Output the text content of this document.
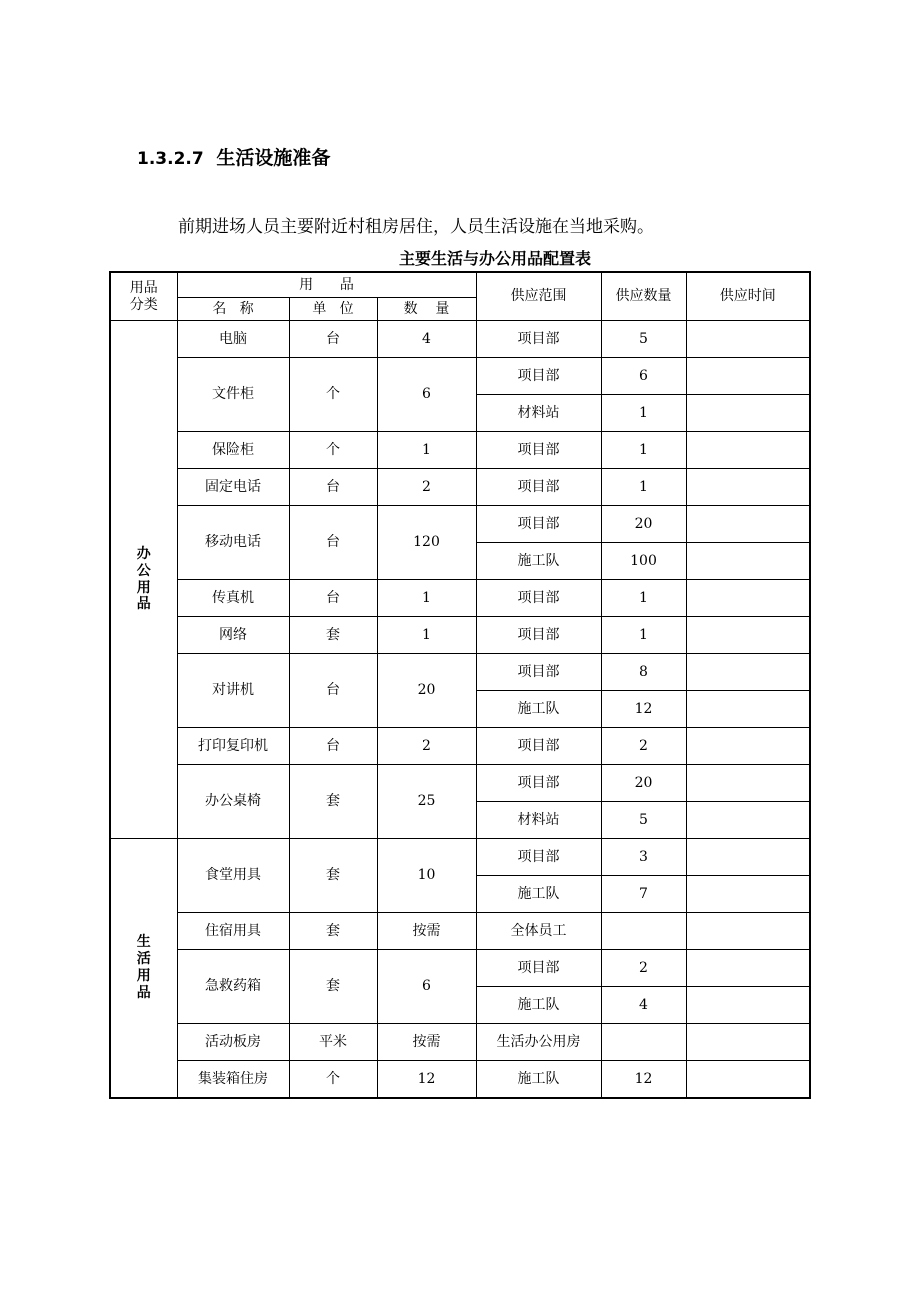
1.3.2.7 生活设施准备
前期进场人员主要附近村租房居住，人员生活设施在当地采购。
主要生活与办公用品配置表
用品
分类	用      品			供应范围	供应数量	供应时间
	名   称	单   位	数    量			

办
公
用
品	电脑	台	4	项目部	5	
	文件柜	个	6	项目部	6	
				材料站	1	
	保险柜	个	1	项目部	1	
	固定电话	台	2	项目部	1	
	移动电话	台	120	项目部	20	
				施工队	100	
	传真机	台	1	项目部	1	
	网络	套	1	项目部	1	
	对讲机	台	20	项目部	8	
				施工队	12	
	打印复印机	台	2	项目部	2	
	办公桌椅	套	25	项目部	20	
				材料站	5	

生
活
用
品	食堂用具	套	10	项目部	3	
				施工队	7	
	住宿用具	套	按需	全体员工		
	急救药箱	套	6	项目部	2	
				施工队	4	
	活动板房	平米	按需	生活办公用房		
	集装箱住房	个	12	施工队	12	
